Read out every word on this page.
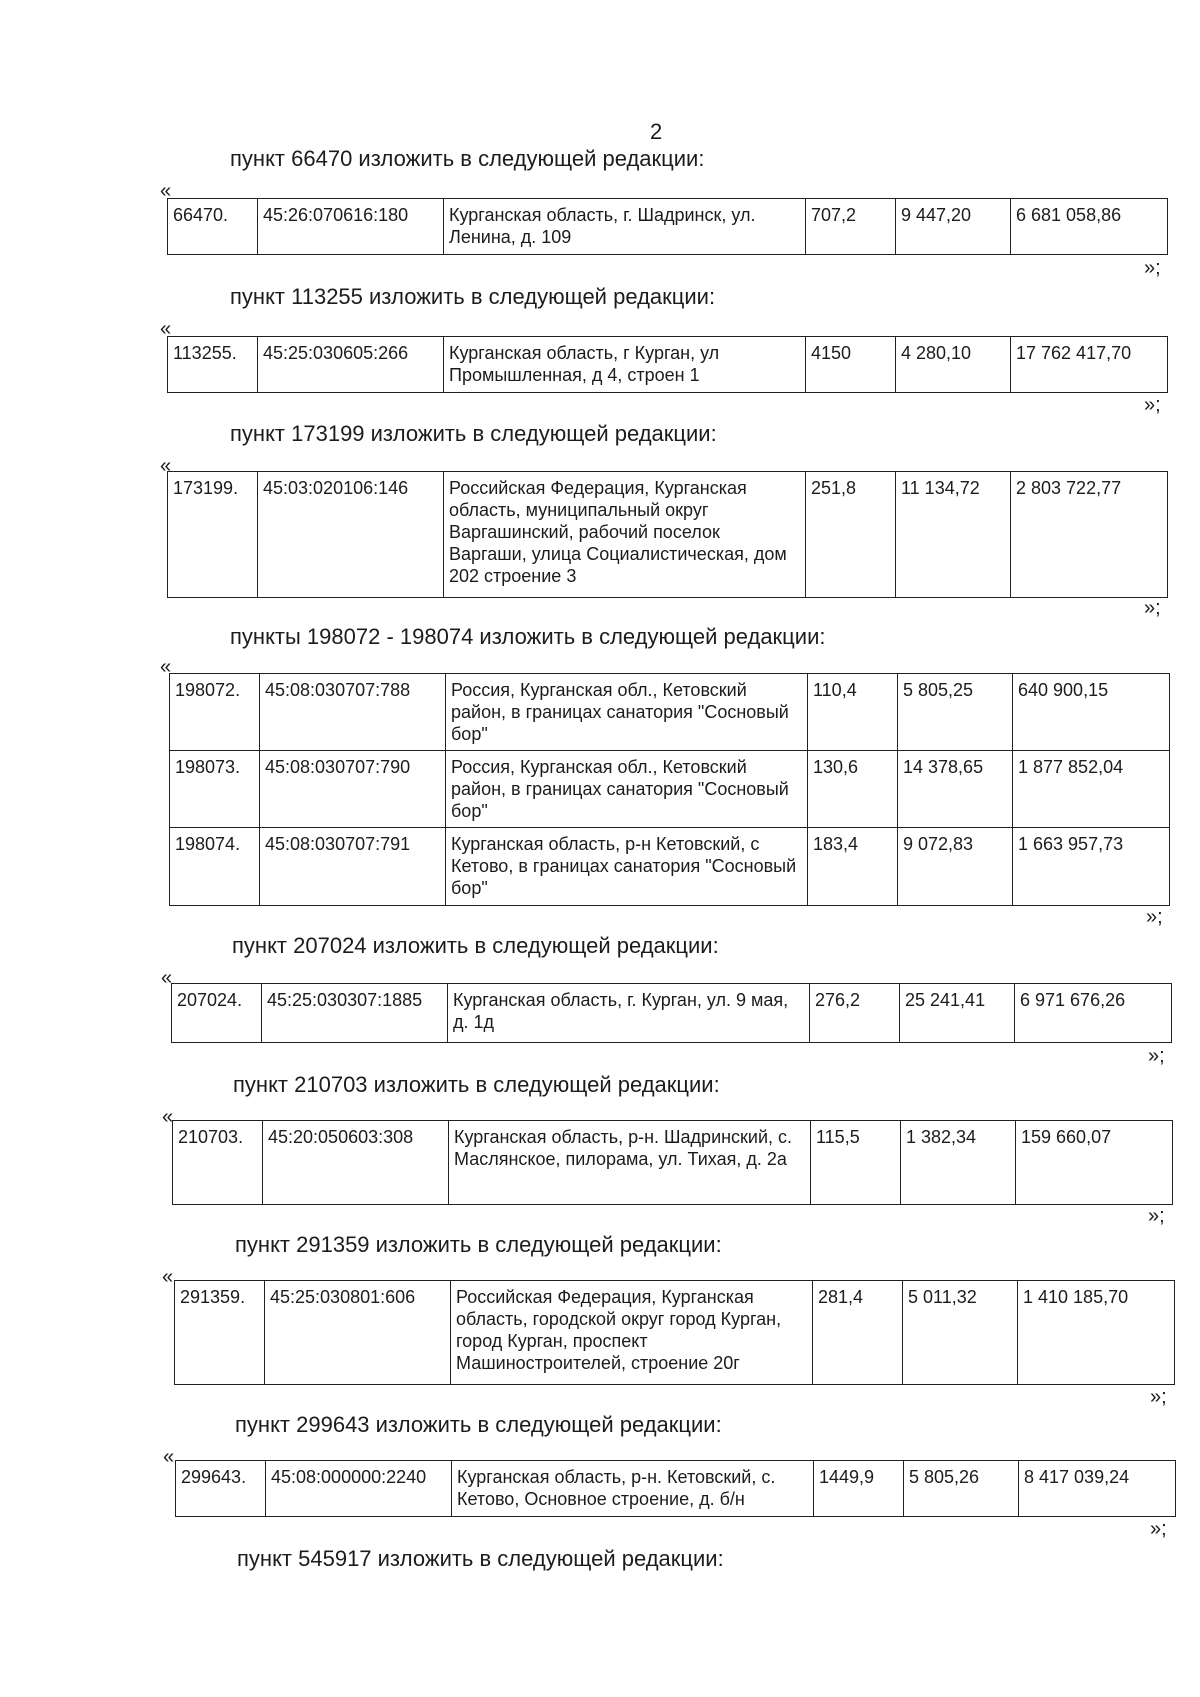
2
пункт 66470 изложить в следующей редакции:
«
66470.	45:26:070616:180	Курганская область, г. Шадринск, ул. Ленина, д. 109	707,2	9 447,20	6 681 058,86
»;
пункт 113255 изложить в следующей редакции:
«
113255.	45:25:030605:266	Курганская область, г Курган, ул Промышленная, д 4, строен 1	4150	4 280,10	17 762 417,70
»;
пункт 173199 изложить в следующей редакции:
«
173199.	45:03:020106:146	Российская Федерация, Курганская область, муниципальный округ Варгашинский, рабочий поселок Варгаши, улица Социалистическая, дом 202 строение 3	251,8	11 134,72	2 803 722,77
»;
пункты 198072 - 198074 изложить в следующей редакции:
«
198072.	45:08:030707:788	Россия, Курганская обл., Кетовский район, в границах санатория "Сосновый бор"	110,4	5 805,25	640 900,15
198073.	45:08:030707:790	Россия, Курганская обл., Кетовский район, в границах санатория "Сосновый бор"	130,6	14 378,65	1 877 852,04
198074.	45:08:030707:791	Курганская область, р-н Кетовский, с Кетово, в границах санатория "Сосновый бор"	183,4	9 072,83	1 663 957,73
»;
пункт 207024 изложить в следующей редакции:
«
207024.	45:25:030307:1885	Курганская область, г. Курган, ул. 9 мая, д. 1д	276,2	25 241,41	6 971 676,26
»;
пункт 210703 изложить в следующей редакции:
«
210703.	45:20:050603:308	Курганская область, р-н. Шадринский, с. Маслянское, пилорама, ул. Тихая, д. 2а	115,5	1 382,34	159 660,07
»;
пункт 291359 изложить в следующей редакции:
«
291359.	45:25:030801:606	Российская Федерация, Курганская область, городской округ город Курган, город Курган, проспект Машиностроителей, строение 20г	281,4	5 011,32	1 410 185,70
»;
пункт 299643 изложить в следующей редакции:
«
299643.	45:08:000000:2240	Курганская область, р-н. Кетовский, с. Кетово, Основное строение, д. б/н	1449,9	5 805,26	8 417 039,24
»;
пункт 545917 изложить в следующей редакции:
